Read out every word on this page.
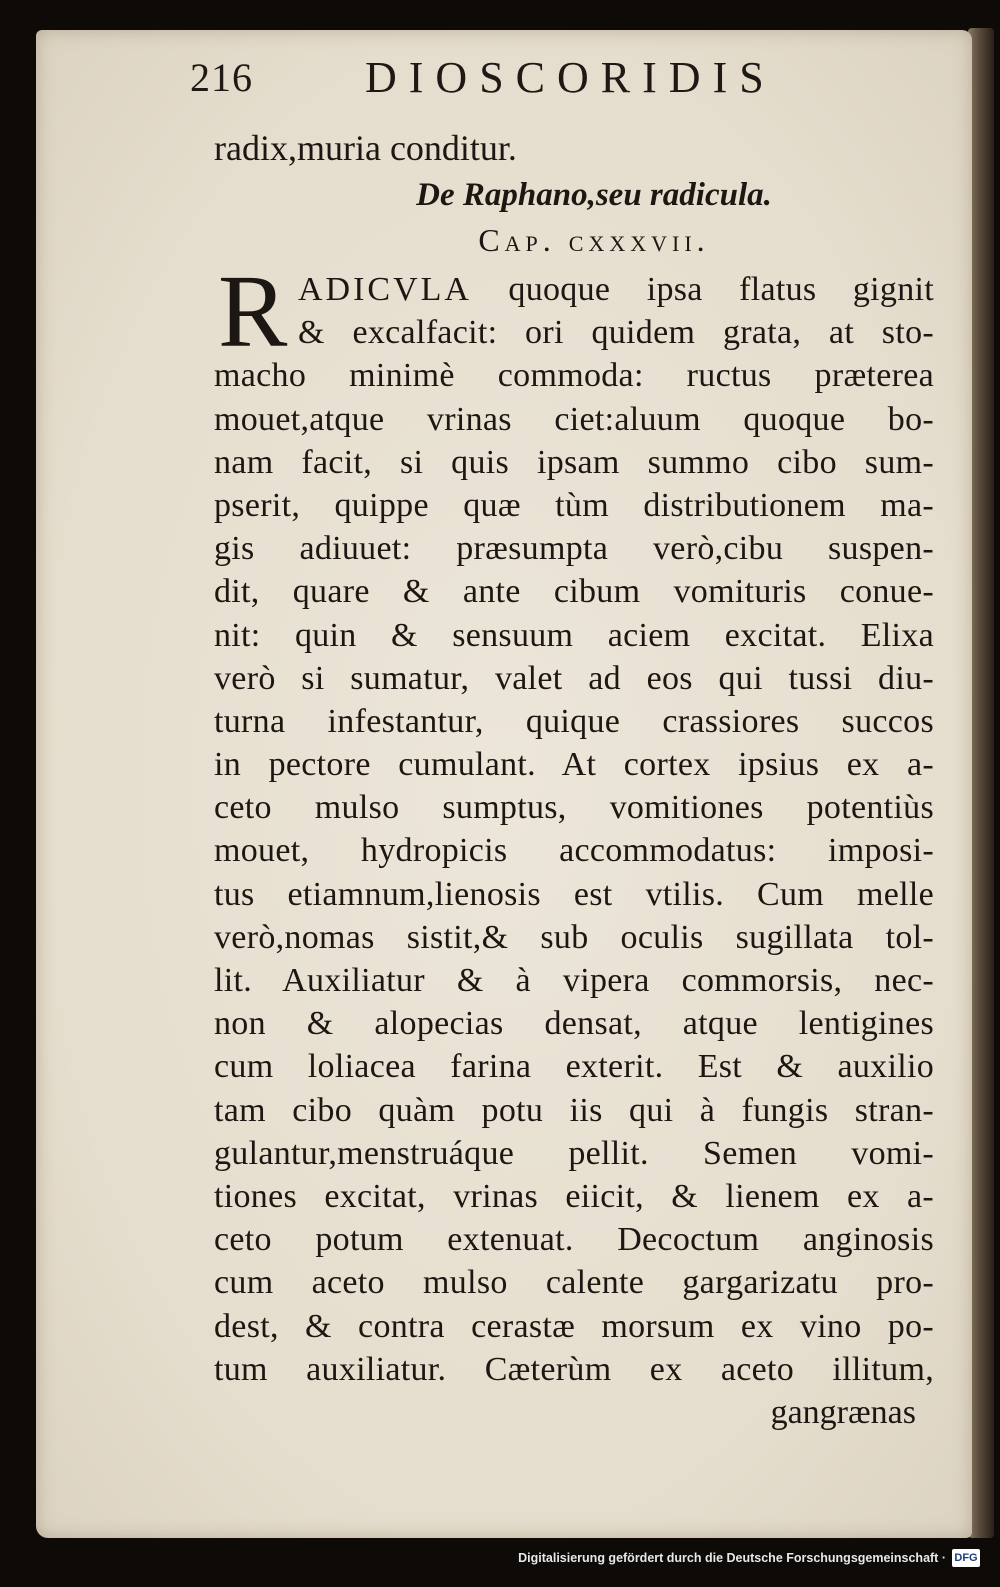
216	DIOSCORIDIS
radix,muria conditur.
De Raphano,seu radicula.
Cap. cxxxvii.
R ADICVLA quoque ipsa flatus gignit
& excalfacit: ori quidem grata, at sto-
macho minimè commoda: ructus præterea
mouet,atque vrinas ciet:aluum quoque bo-
nam facit, si quis ipsam summo cibo sum-
pserit, quippe quæ tùm distributionem ma-
gis adiuuet: præsumpta verò,cibu suspen-
dit, quare & ante cibum vomituris conue-
nit: quin & sensuum aciem excitat. Elixa
verò si sumatur, valet ad eos qui tussi diu-
turna infestantur, quique crassiores succos
in pectore cumulant. At cortex ipsius ex a-
ceto mulso sumptus, vomitiones potentiùs
mouet, hydropicis accommodatus: imposi-
tus etiamnum,lienosis est vtilis. Cum melle
verò,nomas sistit,& sub oculis sugillata tol-
lit. Auxiliatur & à vipera commorsis, nec-
non & alopecias densat, atque lentigines
cum loliacea farina exterit. Est & auxilio
tam cibo quàm potu iis qui à fungis stran-
gulantur,menstruáque pellit. Semen vomi-
tiones excitat, vrinas eiicit, & lienem ex a-
ceto potum extenuat. Decoctum anginosis
cum aceto mulso calente gargarizatu pro-
dest, & contra cerastæ morsum ex vino po-
tum auxiliatur. Cæterùm ex aceto illitum,
gangrænas
Digitalisierung gefördert durch die Deutsche Forschungsgemeinschaft · DFG
